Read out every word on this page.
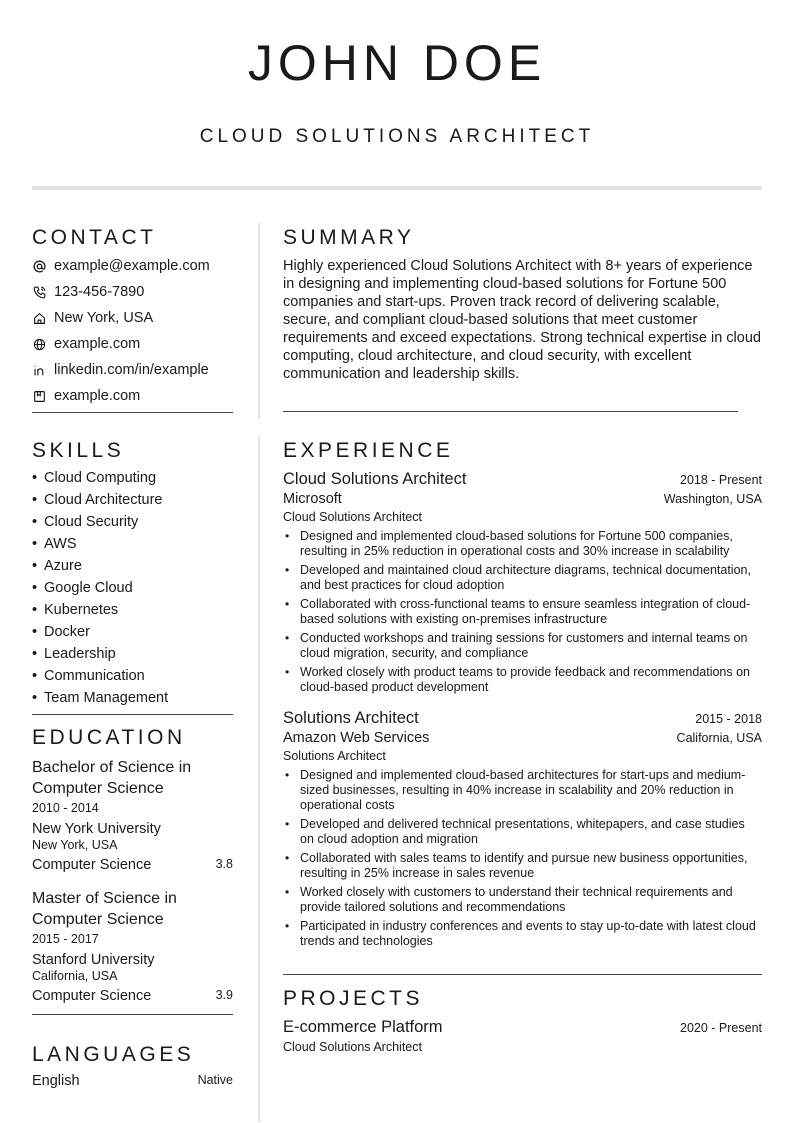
JOHN DOE
CLOUD SOLUTIONS ARCHITECT
CONTACT
example@example.com
123-456-7890
New York, USA
example.com
linkedin.com/in/example
example.com
SKILLS
• Cloud Computing
• Cloud Architecture
• Cloud Security
• AWS
• Azure
• Google Cloud
• Kubernetes
• Docker
• Leadership
• Communication
• Team Management
EDUCATION
Bachelor of Science in Computer Science
2010 - 2014
New York University
New York, USA
Computer Science	3.8
Master of Science in Computer Science
2015 - 2017
Stanford University
California, USA
Computer Science	3.9
LANGUAGES
English	Native
SUMMARY
Highly experienced Cloud Solutions Architect with 8+ years of experience in designing and implementing cloud-based solutions for Fortune 500 companies and start-ups. Proven track record of delivering scalable, secure, and compliant cloud-based solutions that meet customer requirements and exceed expectations. Strong technical expertise in cloud computing, cloud architecture, and cloud security, with excellent communication and leadership skills.
EXPERIENCE
Cloud Solutions Architect	2018 - Present
Microsoft	Washington, USA
Cloud Solutions Architect
• Designed and implemented cloud-based solutions for Fortune 500 companies, resulting in 25% reduction in operational costs and 30% increase in scalability
• Developed and maintained cloud architecture diagrams, technical documentation, and best practices for cloud adoption
• Collaborated with cross-functional teams to ensure seamless integration of cloud-based solutions with existing on-premises infrastructure
• Conducted workshops and training sessions for customers and internal teams on cloud migration, security, and compliance
• Worked closely with product teams to provide feedback and recommendations on cloud-based product development
Solutions Architect	2015 - 2018
Amazon Web Services	California, USA
Solutions Architect
• Designed and implemented cloud-based architectures for start-ups and medium-sized businesses, resulting in 40% increase in scalability and 20% reduction in operational costs
• Developed and delivered technical presentations, whitepapers, and case studies on cloud adoption and migration
• Collaborated with sales teams to identify and pursue new business opportunities, resulting in 25% increase in sales revenue
• Worked closely with customers to understand their technical requirements and provide tailored solutions and recommendations
• Participated in industry conferences and events to stay up-to-date with latest cloud trends and technologies
PROJECTS
E-commerce Platform	2020 - Present
Cloud Solutions Architect
